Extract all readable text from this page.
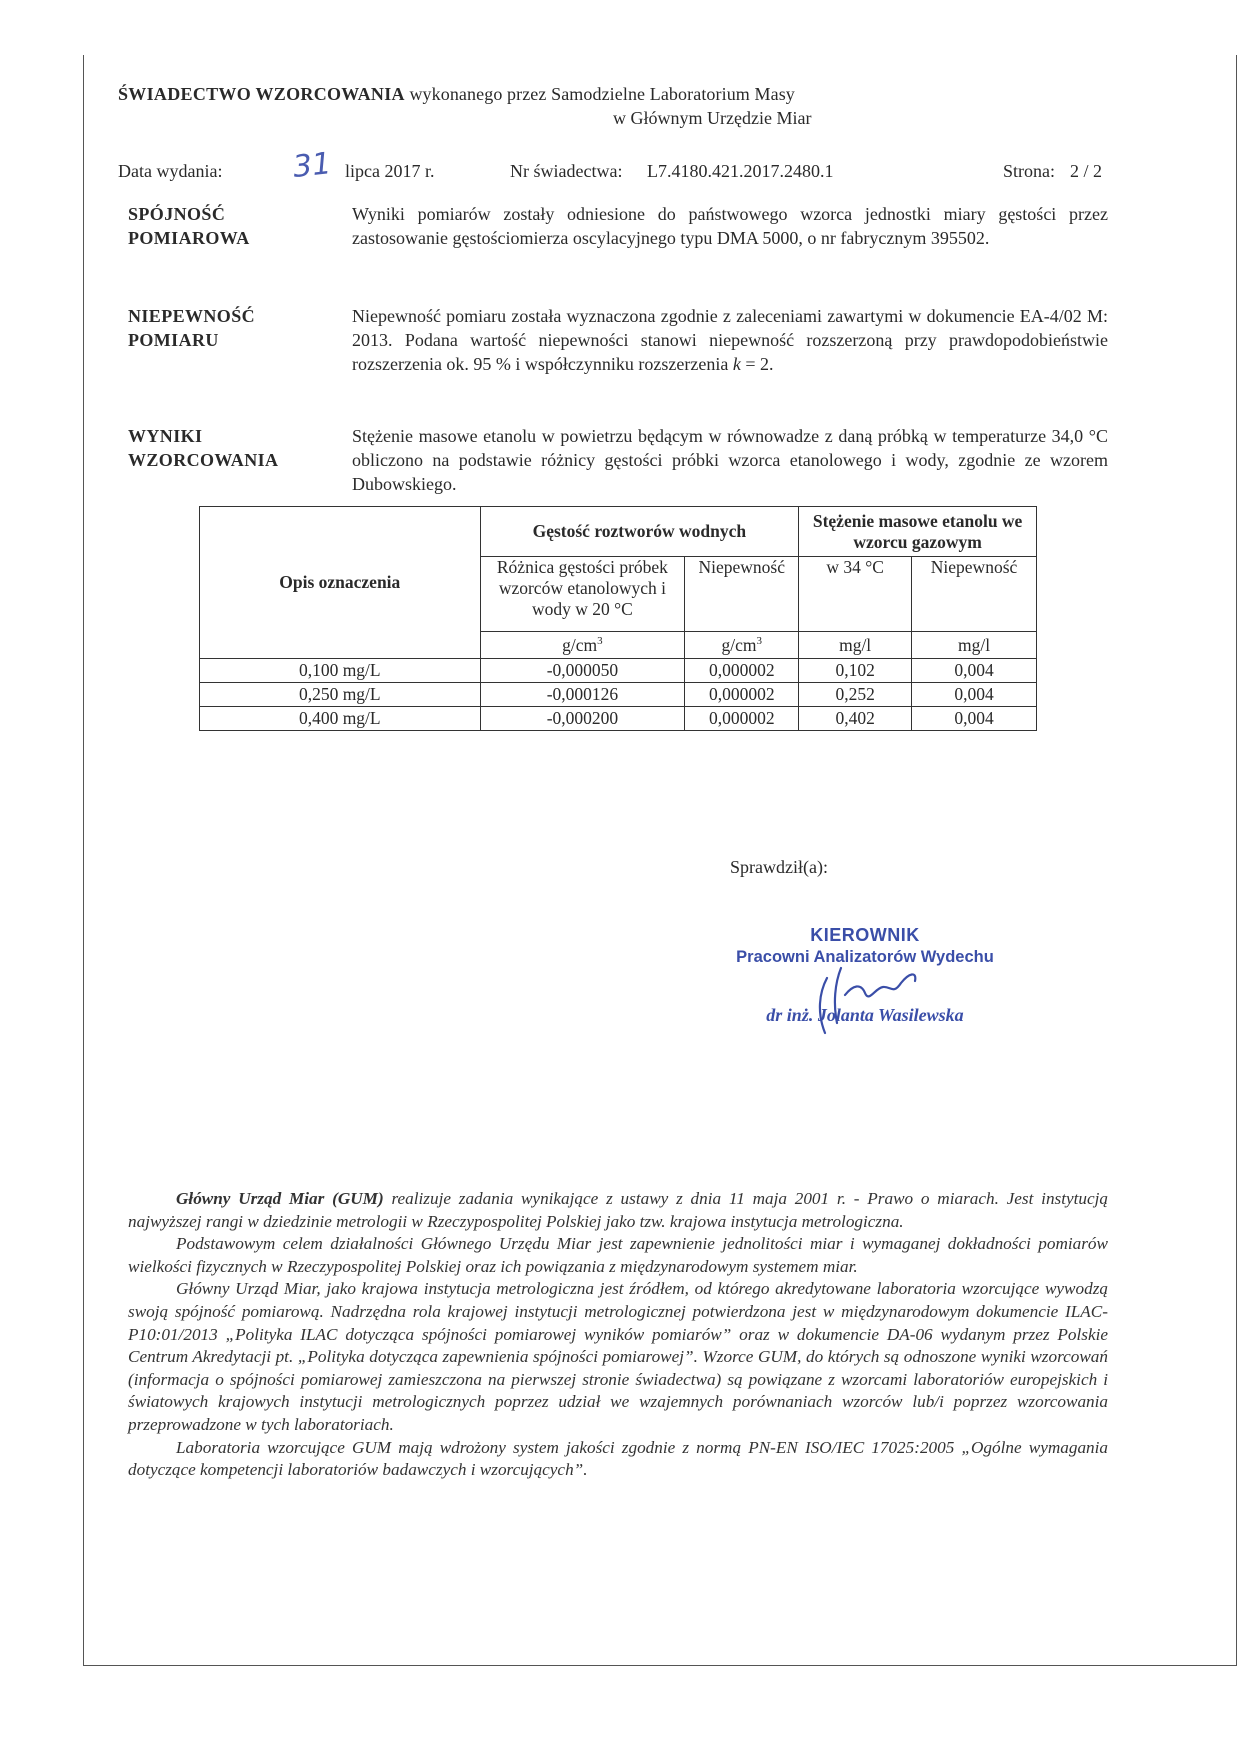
ŚWIADECTWO WZORCOWANIA wykonanego przez Samodzielne Laboratorium Masy
w Głównym Urzędzie Miar
Data wydania: 31 lipca 2017 r.	Nr świadectwa: L7.4180.421.2017.2480.1	Strona: 2 / 2
SPÓJNOŚĆ
POMIAROWA
Wyniki pomiarów zostały odniesione do państwowego wzorca jednostki miary gęstości przez zastosowanie gęstościomierza oscylacyjnego typu DMA 5000, o nr fabrycznym 395502.
NIEPEWNOŚĆ
POMIARU
Niepewność pomiaru została wyznaczona zgodnie z zaleceniami zawartymi w dokumencie EA-4/02 M: 2013. Podana wartość niepewności stanowi niepewność rozszerzoną przy prawdopodobieństwie rozszerzenia ok. 95 % i współczynniku rozszerzenia k = 2.
WYNIKI
WZORCOWANIA
Stężenie masowe etanolu w powietrzu będącym w równowadze z daną próbką w temperaturze 34,0 °C obliczono na podstawie różnicy gęstości próbki wzorca etanolowego i wody, zgodnie ze wzorem Dubowskiego.
Opis oznaczenia	Gęstość roztworów wodnych		Stężenie masowe etanolu we wzorcu gazowym	
	Różnica gęstości próbek wzorców etanolowych i wody w 20 °C	Niepewność	w 34 °C	Niepewność
	$g/cm^3$	$g/cm^3$	mg/l	mg/l
0,100 mg/L	-0,000050	0,000002	0,102	0,004
0,250 mg/L	-0,000126	0,000002	0,252	0,004
0,400 mg/L	-0,000200	0,000002	0,402	0,004
Sprawdził(a):
KIEROWNIK
Pracowni Analizatorów Wydechu
dr inż. Jolanta Wasilewska

Główny Urząd Miar (GUM) realizuje zadania wynikające z ustawy z dnia 11 maja 2001 r. - Prawo o miarach. Jest instytucją najwyższej rangi w dziedzinie metrologii w Rzeczypospolitej Polskiej jako tzw. krajowa instytucja metrologiczna.

Podstawowym celem działalności Głównego Urzędu Miar jest zapewnienie jednolitości miar i wymaganej dokładności pomiarów wielkości fizycznych w Rzeczypospolitej Polskiej oraz ich powiązania z międzynarodowym systemem miar.

Główny Urząd Miar, jako krajowa instytucja metrologiczna jest źródłem, od którego akredytowane laboratoria wzorcujące wywodzą swoją spójność pomiarową. Nadrzędna rola krajowej instytucji metrologicznej potwierdzona jest w międzynarodowym dokumencie ILAC-P10:01/2013 „Polityka ILAC dotycząca spójności pomiarowej wyników pomiarów” oraz w dokumencie DA-06 wydanym przez Polskie Centrum Akredytacji pt. „Polityka dotycząca zapewnienia spójności pomiarowej”. Wzorce GUM, do których są odnoszone wyniki wzorcowań (informacja o spójności pomiarowej zamieszczona na pierwszej stronie świadectwa) są powiązane z wzorcami laboratoriów europejskich i światowych krajowych instytucji metrologicznych poprzez udział we wzajemnych porównaniach wzorców lub/i poprzez wzorcowania przeprowadzone w tych laboratoriach.

Laboratoria wzorcujące GUM mają wdrożony system jakości zgodnie z normą PN-EN ISO/IEC 17025:2005 „Ogólne wymagania dotyczące kompetencji laboratoriów badawczych i wzorcujących”.
